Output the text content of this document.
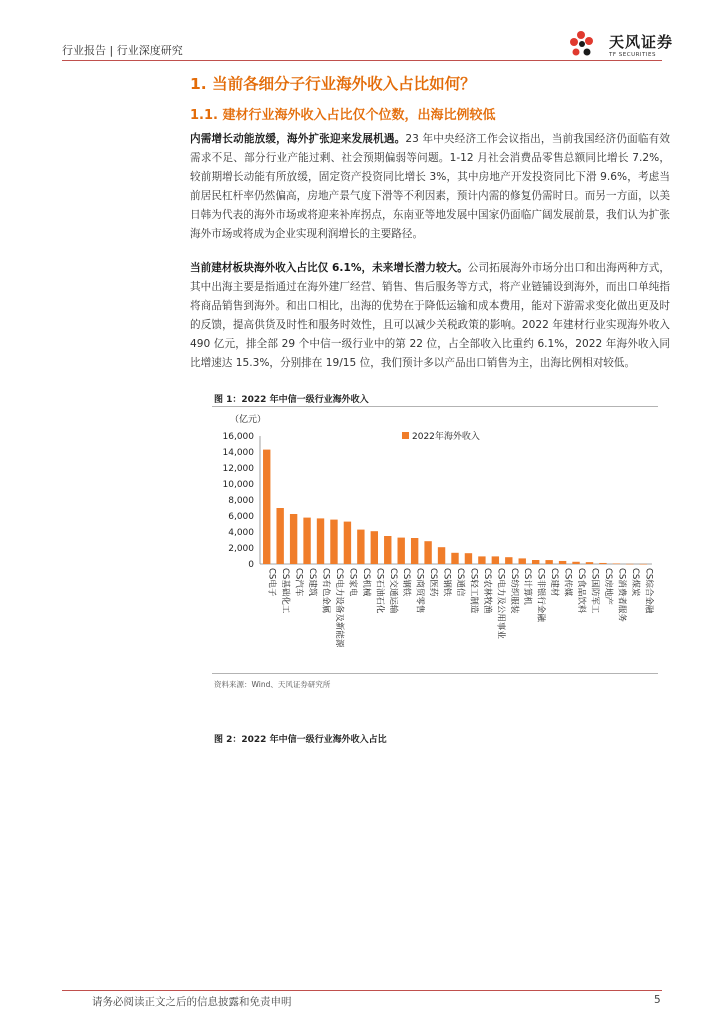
行业报告 | 行业深度研究	天风证券
TF SECURITIES
1. 当前各细分子行业海外收入占比如何？
1.1. 建材行业海外收入占比仅个位数，出海比例较低
内需增长动能放缓，海外扩张迎来发展机遇。23 年中央经济工作会议指出，当前我国经济仍面临有效需求不足、部分行业产能过剩、社会预期偏弱等问题。1-12 月社会消费品零售总额同比增长 7.2%，较前期增长动能有所放缓，固定资产投资同比增长 3%，其中房地产开发投资同比下滑 9.6%，考虑当前居民杠杆率仍然偏高，房地产景气度下滑等不利因素，预计内需的修复仍需时日。而另一方面，以美日韩为代表的海外市场或将迎来补库拐点，东南亚等地发展中国家仍面临广阔发展前景，我们认为扩张海外市场或将成为企业实现利润增长的主要路径。
当前建材板块海外收入占比仅 6.1%，未来增长潜力较大。公司拓展海外市场分出口和出海两种方式，其中出海主要是指通过在海外建厂经营、销售、售后服务等方式，将产业链铺设到海外，而出口单纯指将商品销售到海外。和出口相比，出海的优势在于降低运输和成本费用，能对下游需求变化做出更及时的反馈，提高供货及时性和服务时效性，且可以减少关税政策的影响。2022 年建材行业实现海外收入 490 亿元，排全部 29 个中信一级行业中的第 22 位，占全部收入比重约 6.1%，2022 年海外收入同比增速达 15.3%，分别排在 19/15 位，我们预计多以产品出口销售为主，出海比例相对较低。
图 1：2022 年中信一级行业海外收入
（亿元）
0
2,000
4,000
6,000
8,000
10,000
12,000
14,000
16,000
CS电子 CS基础化工 CS汽车 CS建筑 CS有色金属 CS电力设备及新能源 CS家电 CS机械 CS石油石化 CS交通运输 CS钢铁 CS商贸零售 CS医药 CS钢铁 CS通信 CS轻工制造 CS农林牧渔 CS电力及公用事业 CS纺织服装 CS计算机 CS非银行金融 CS建材 CS传媒 CS食品饮料 CS国防军工 CS房地产 CS消费者服务 CS煤炭 CS综合金融
2022年海外收入
资料来源：Wind、天风证券研究所
图 2：2022 年中信一级行业海外收入占比
请务必阅读正文之后的信息披露和免责申明	5
